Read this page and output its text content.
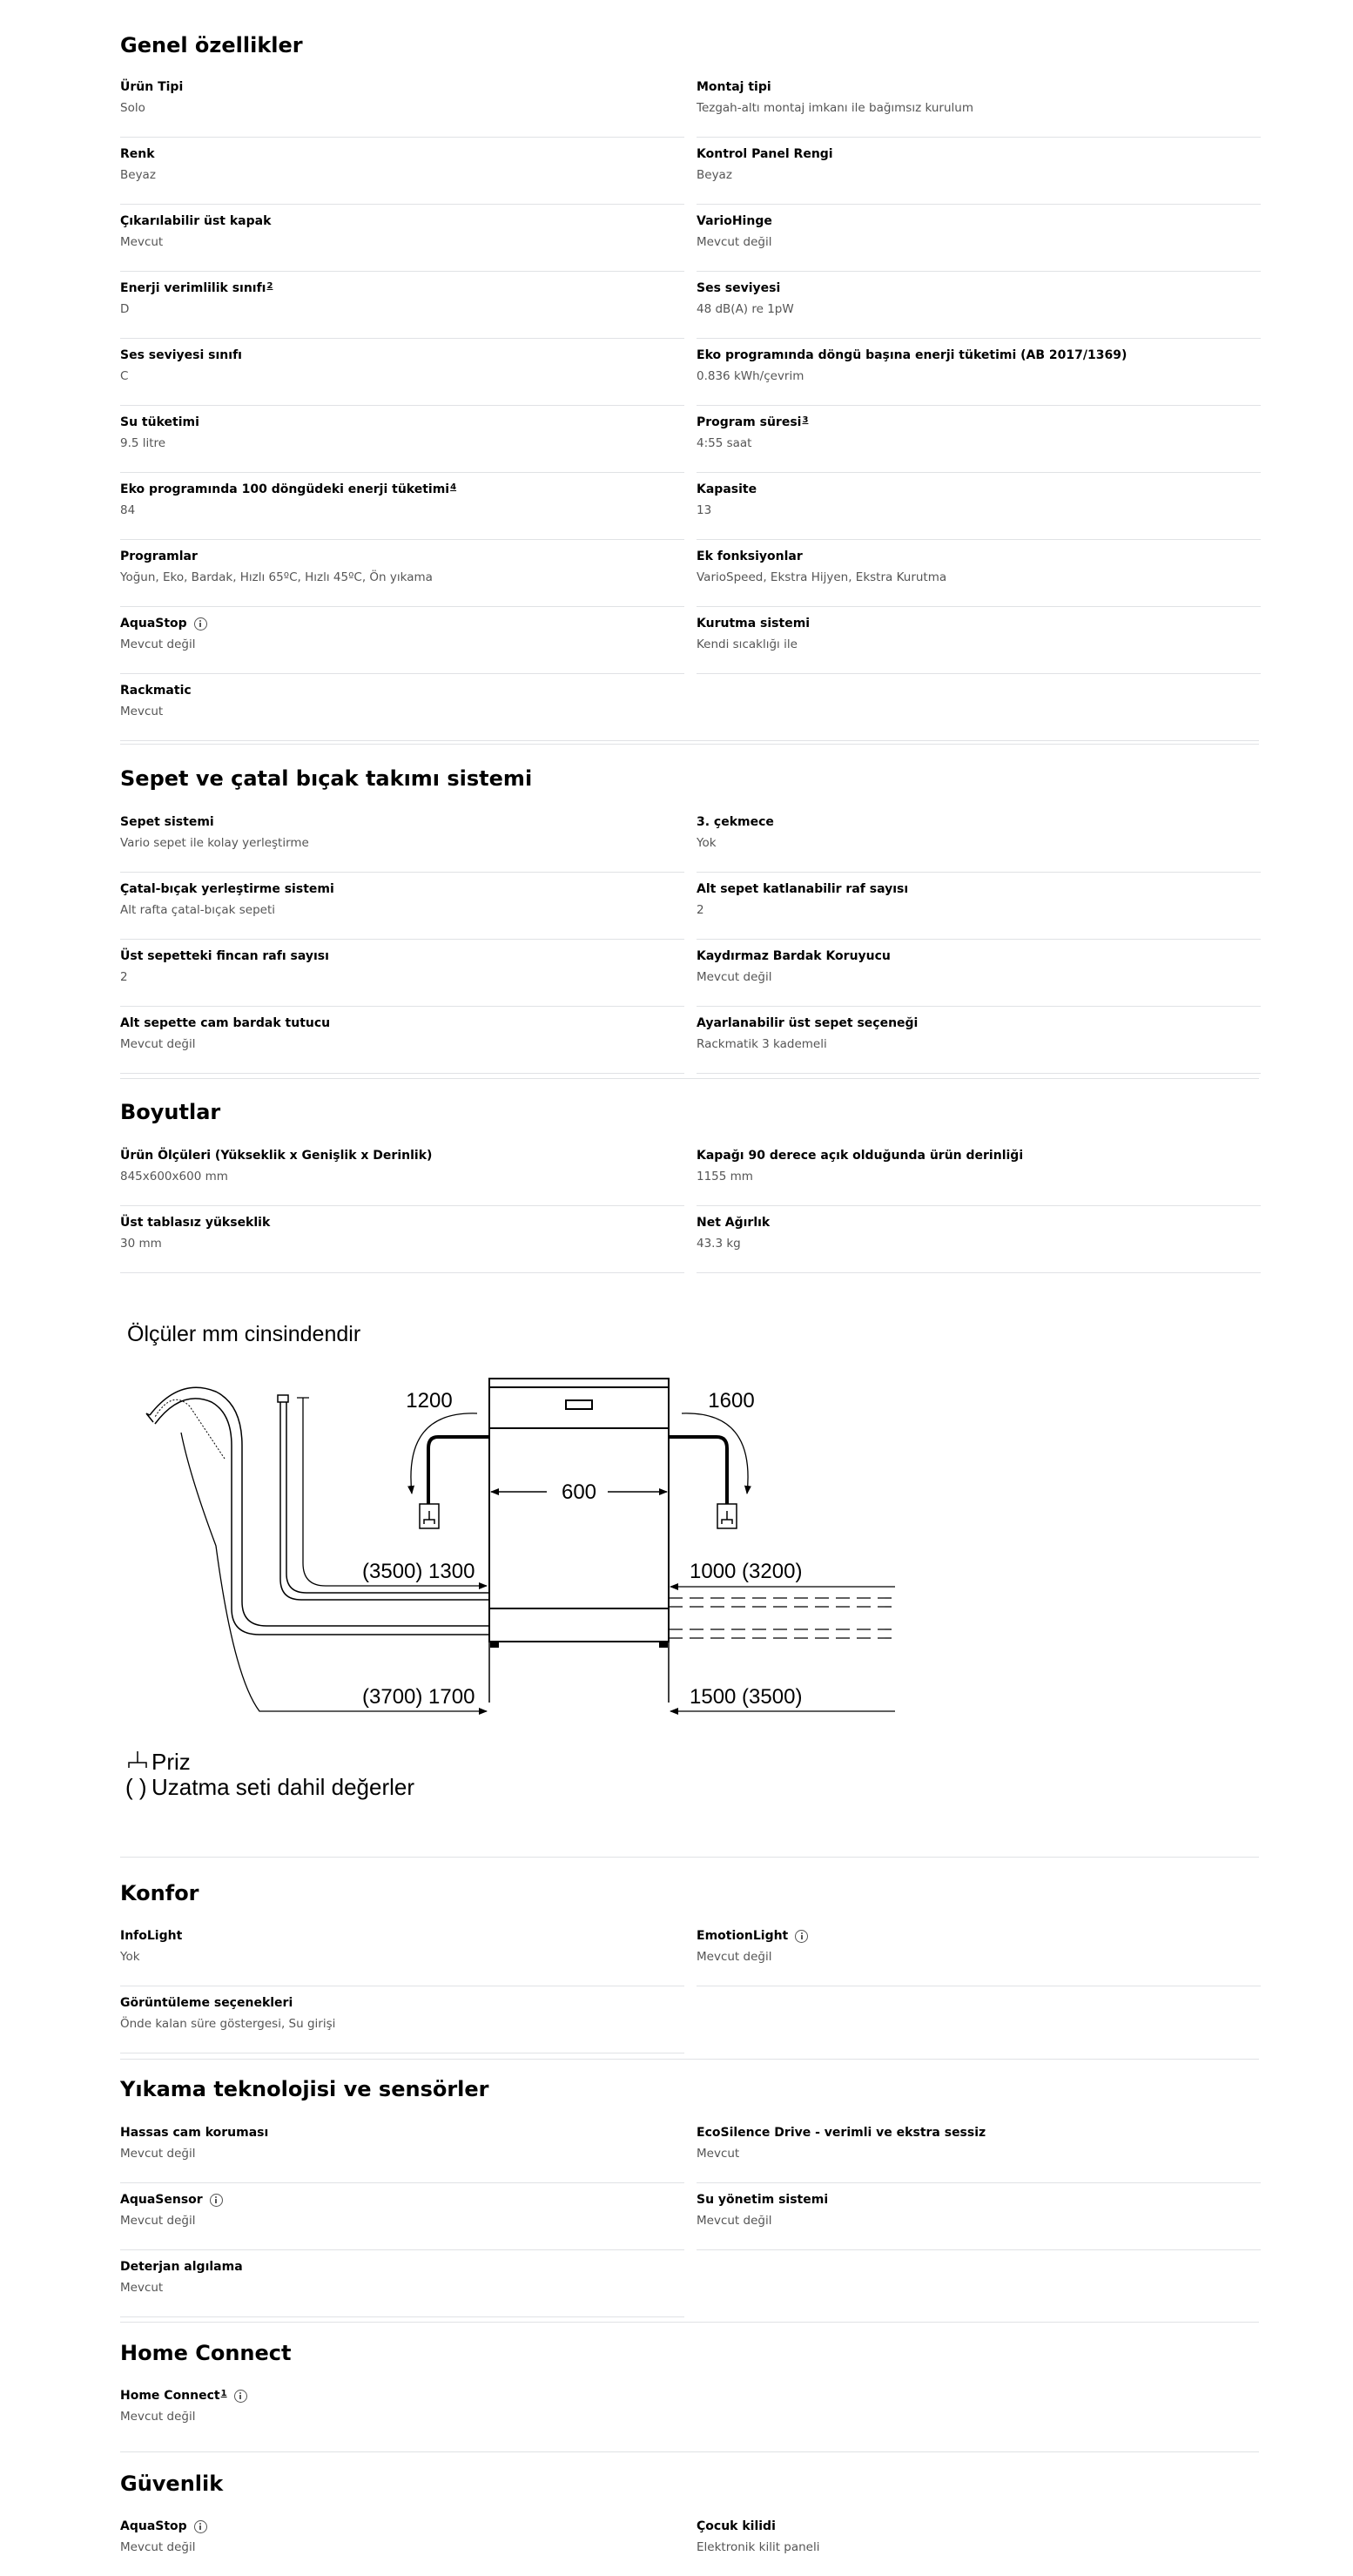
Genel özellikler
Ürün Tipi
Solo
Montaj tipi
Tezgah-altı montaj imkanı ile bağımsız kurulum
Renk
Beyaz
Kontrol Panel Rengi
Beyaz
Çıkarılabilir üst kapak
Mevcut
VarioHinge
Mevcut değil
Enerji verimlilik sınıfı$^2$
D
Ses seviyesi
48 dB(A) re 1pW
Ses seviyesi sınıfı
C
Eko programında döngü başına enerji tüketimi (AB 2017/1369)
0.836 kWh/çevrim
Su tüketimi
9.5 litre
Program süresi$^3$
4:55 saat
Eko programında 100 döngüdeki enerji tüketimi$^4$
84
Kapasite
13
Programlar
Yoğun, Eko, Bardak, Hızlı 65ºC, Hızlı 45ºC, Ön yıkama
Ek fonksiyonlar
VarioSpeed, Ekstra Hijyen, Ekstra Kurutma
AquaStop
Mevcut değil
Kurutma sistemi
Kendi sıcaklığı ile
Rackmatic
Mevcut
Sepet ve çatal bıçak takımı sistemi
Sepet sistemi
Vario sepet ile kolay yerleştirme
3. çekmece
Yok
Çatal-bıçak yerleştirme sistemi
Alt rafta çatal-bıçak sepeti
Alt sepet katlanabilir raf sayısı
2
Üst sepetteki fincan rafı sayısı
2
Kaydırmaz Bardak Koruyucu
Mevcut değil
Alt sepette cam bardak tutucu
Mevcut değil
Ayarlanabilir üst sepet seçeneği
Rackmatik 3 kademeli
Boyutlar
Ürün Ölçüleri (Yükseklik x Genişlik x Derinlik)
845x600x600 mm
Kapağı 90 derece açık olduğunda ürün derinliği
1155 mm
Üst tablasız yükseklik
30 mm
Net Ağırlık
43.3 kg
Konfor
InfoLight
Yok
EmotionLight
Mevcut değil
Görüntüleme seçenekleri
Önde kalan süre göstergesi, Su girişi
Yıkama teknolojisi ve sensörler
Hassas cam koruması
Mevcut değil
EcoSilence Drive - verimli ve ekstra sessiz
Mevcut
AquaSensor
Mevcut değil
Su yönetim sistemi
Mevcut değil
Deterjan algılama
Mevcut
Home Connect
Home Connect$^1$
Mevcut değil
Güvenlik
AquaStop
Mevcut değil
Çocuk kilidi
Elektronik kilit paneli
Ölçüler mm cinsindendir
600
1200	1600
(3500) 1300
(3700) 1700
1000 (3200)
1500 (3500)
Priz
( ) Uzatma seti dahil değerler
